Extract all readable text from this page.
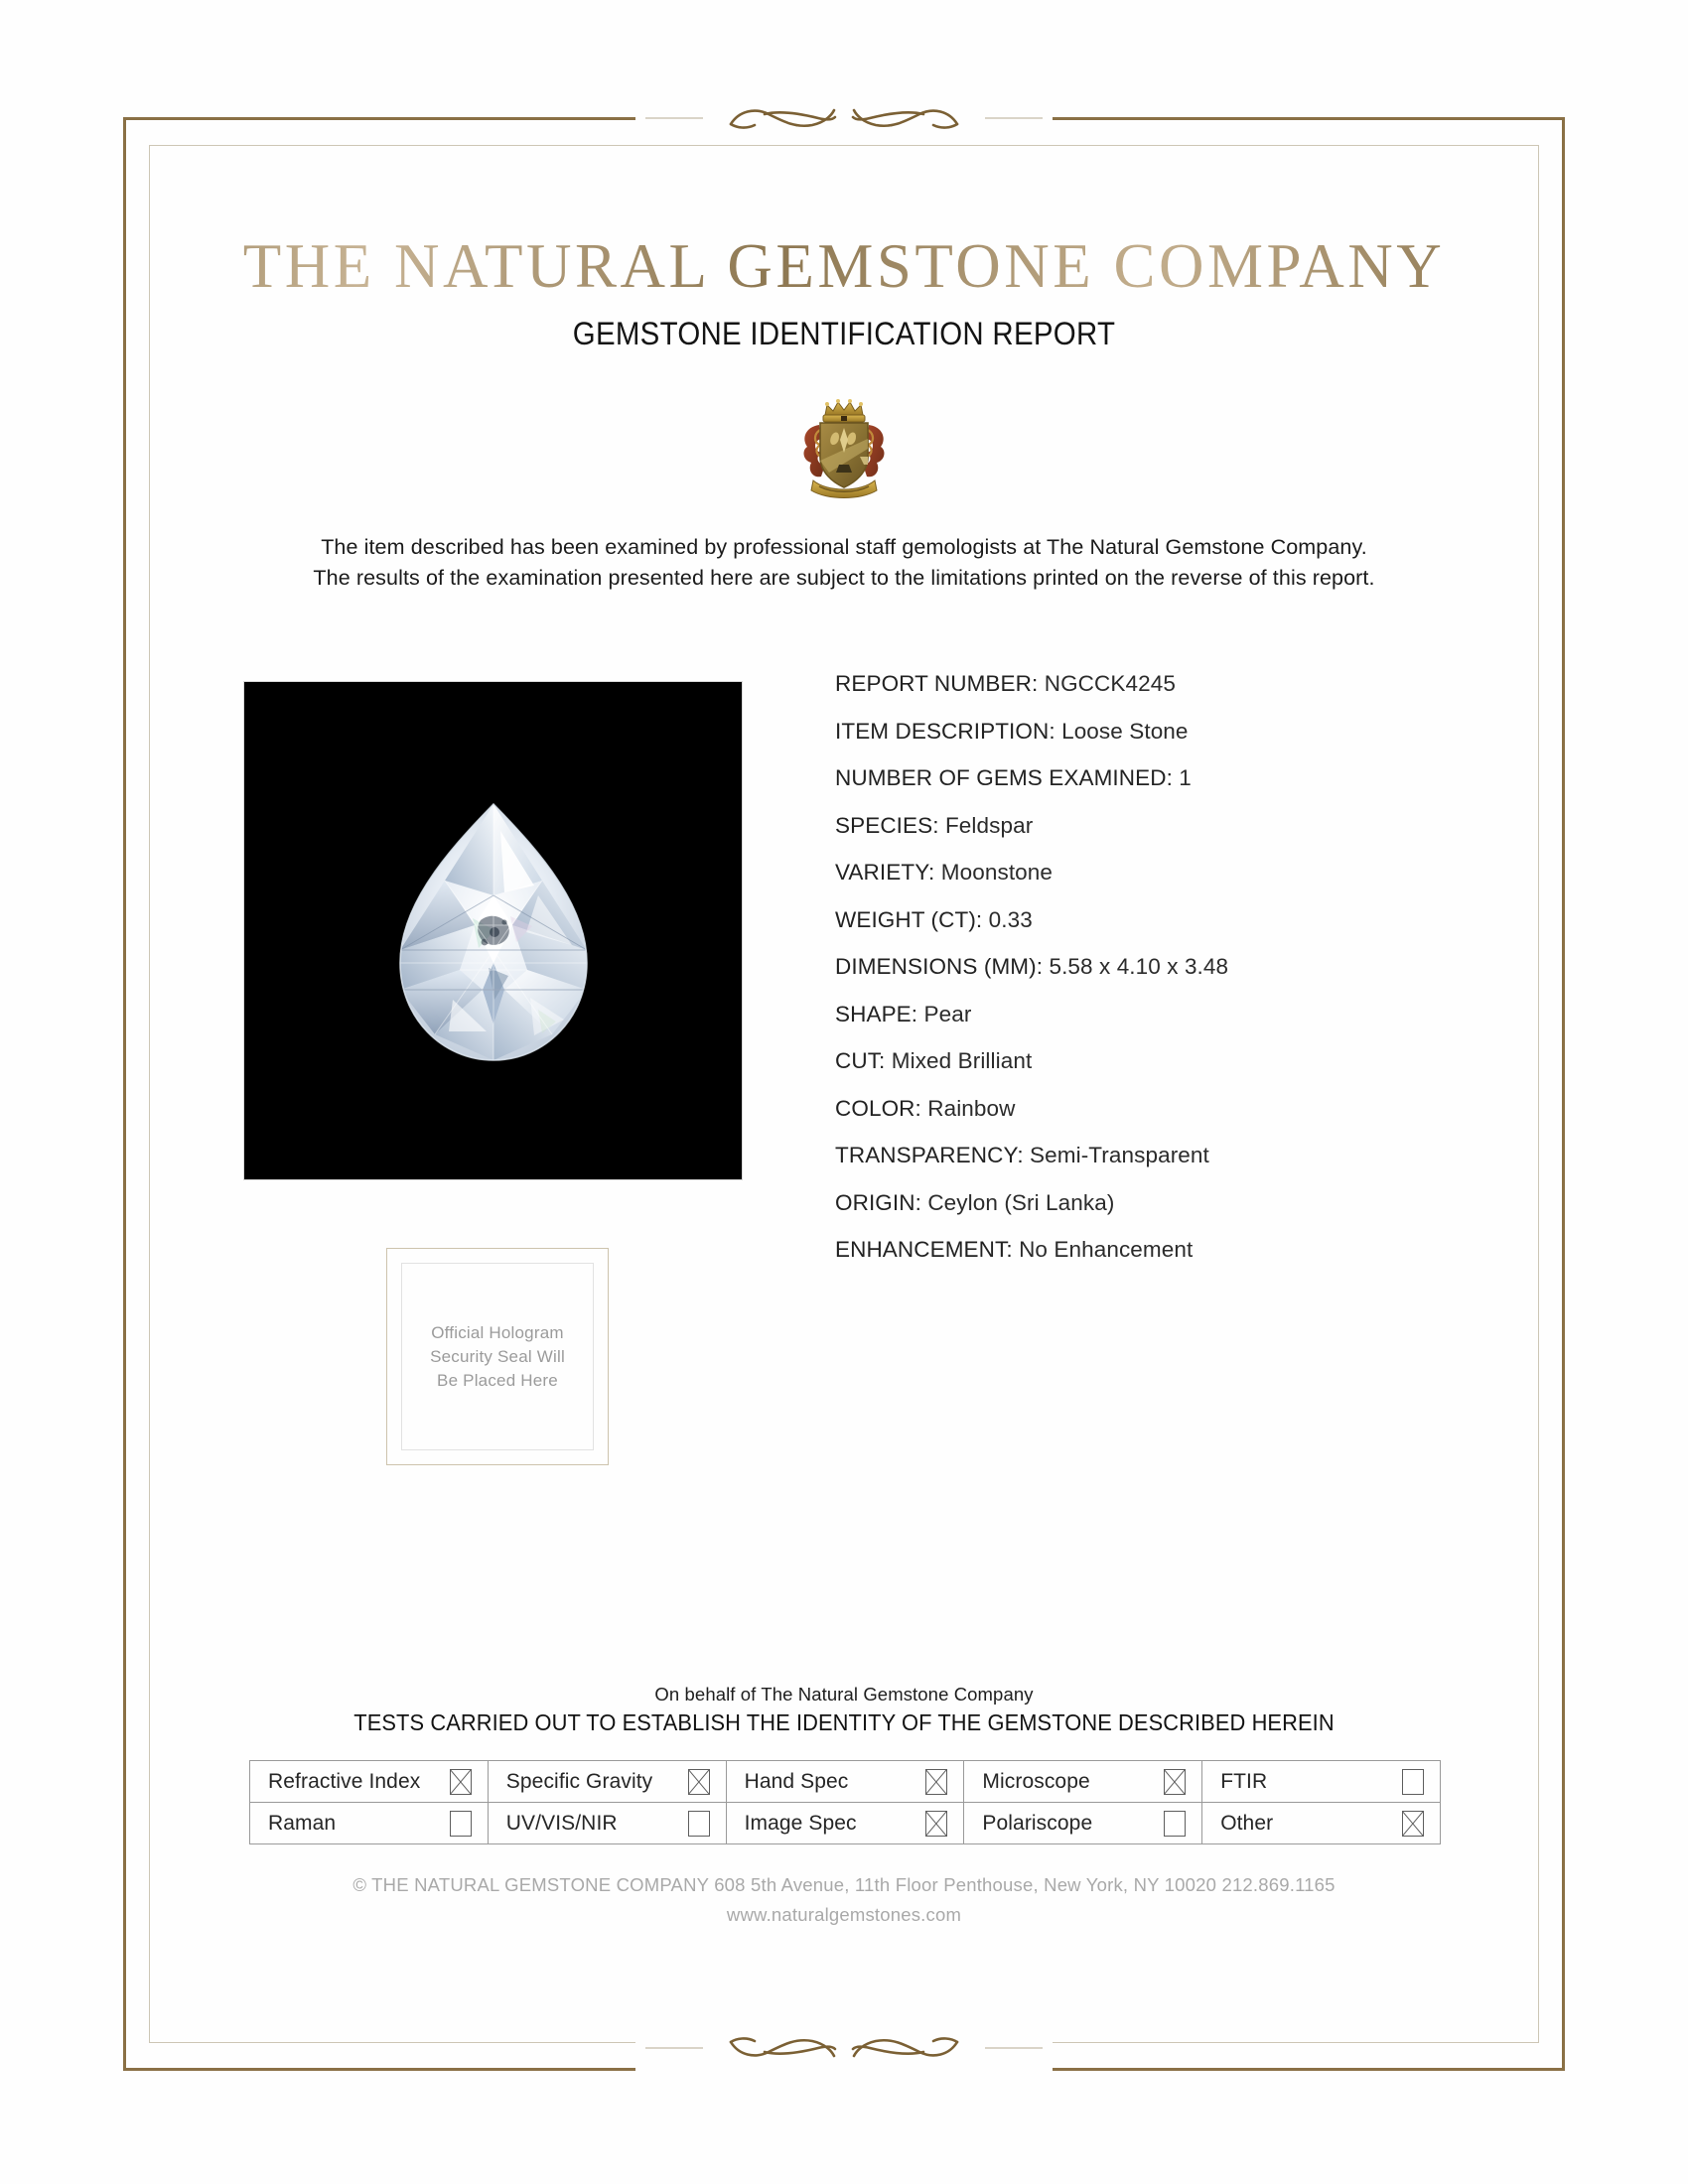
THE NATURAL GEMSTONE COMPANY
GEMSTONE IDENTIFICATION REPORT
The item described has been examined by professional staff gemologists at The Natural Gemstone Company.
The results of the examination presented here are subject to the limitations printed on the reverse of this report.
REPORT NUMBER: NGCCK4245
ITEM DESCRIPTION: Loose Stone
NUMBER OF GEMS EXAMINED: 1
SPECIES: Feldspar
VARIETY: Moonstone
WEIGHT (CT): 0.33
DIMENSIONS (MM): 5.58 x 4.10 x 3.48
SHAPE: Pear
CUT: Mixed Brilliant
COLOR: Rainbow
TRANSPARENCY: Semi-Transparent
ORIGIN: Ceylon (Sri Lanka)
ENHANCEMENT: No Enhancement
Official Hologram
Security Seal Will
Be Placed Here
On behalf of The Natural Gemstone Company
TESTS CARRIED OUT TO ESTABLISH THE IDENTITY OF THE GEMSTONE DESCRIBED HEREIN
Refractive Index	Specific Gravity	Hand Spec	Microscope	FTIR

Raman	UV/VIS/NIR	Image Spec	Polariscope	Other
© THE NATURAL GEMSTONE COMPANY 608 5th Avenue, 11th Floor Penthouse, New York, NY 10020 212.869.1165
www.naturalgemstones.com
